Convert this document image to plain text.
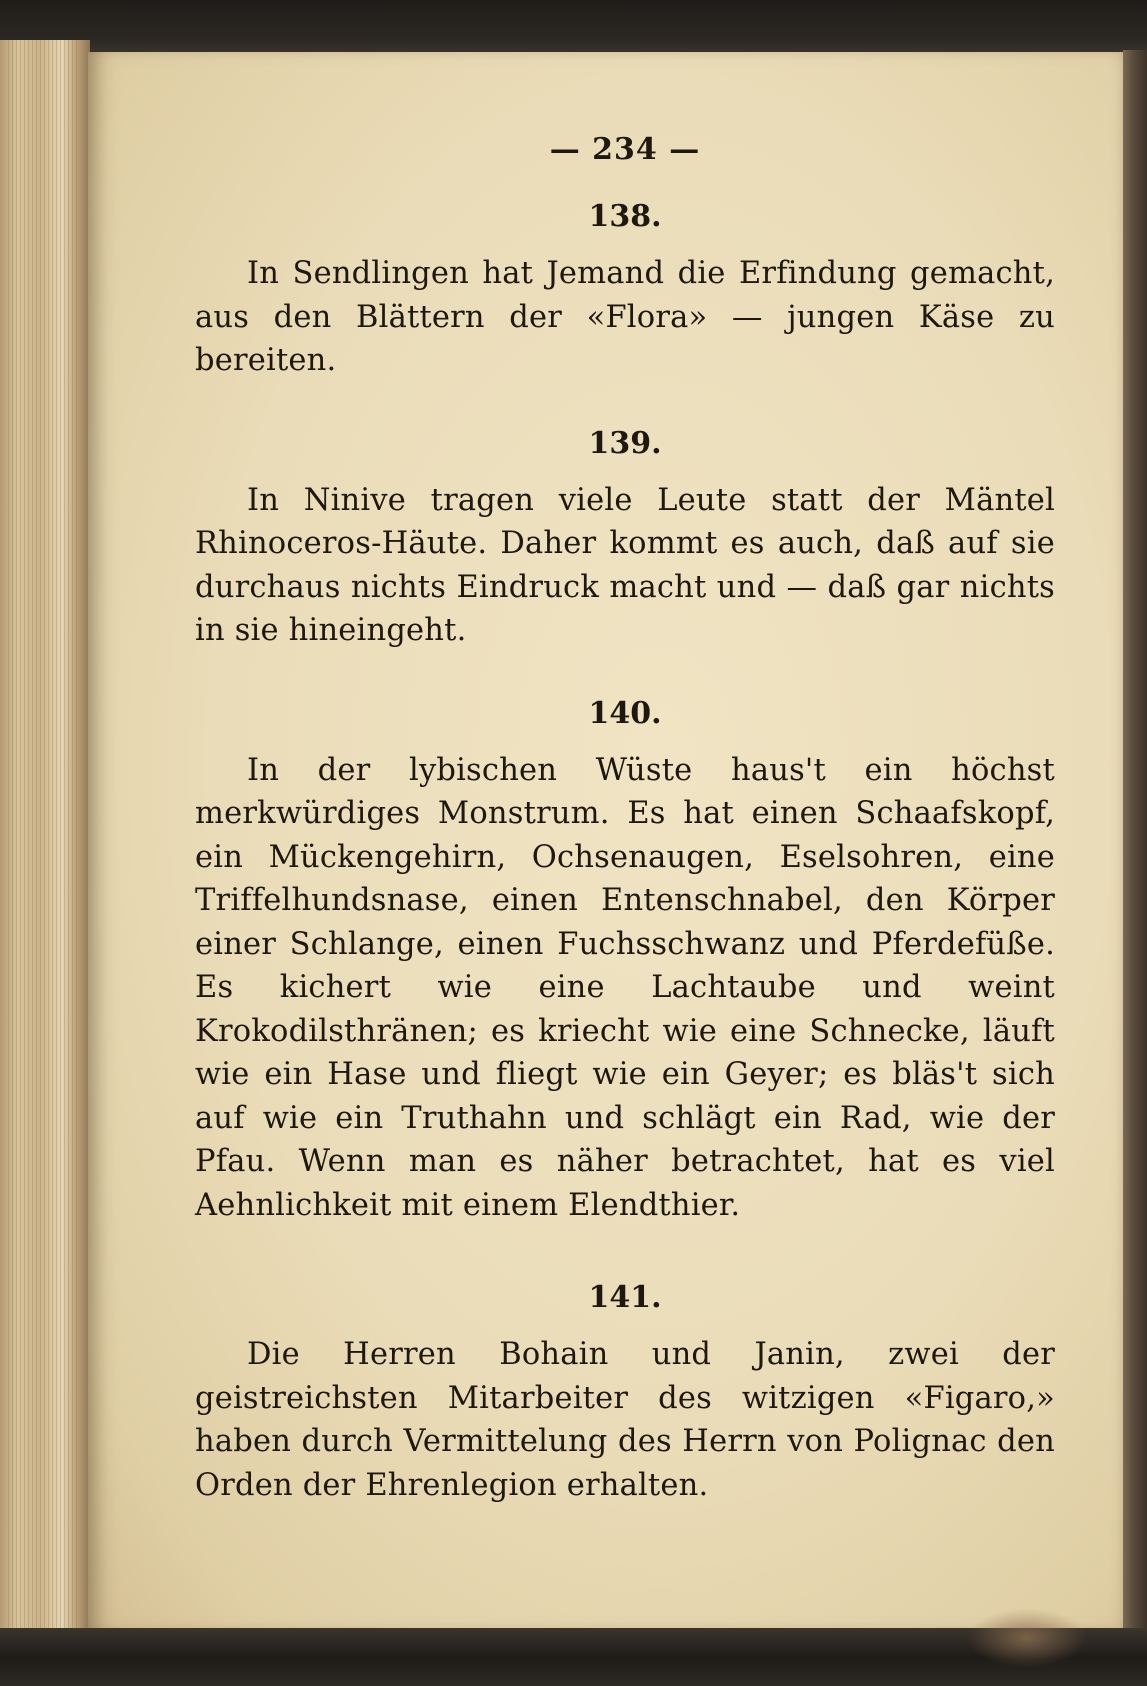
— 234 —
138.

In Sendlingen hat Jemand die Erfindung gemacht, aus den Blättern der «Flora» — jungen Käse zu bereiten.

139.

In Ninive tragen viele Leute statt der Mäntel Rhinoceros-Häute. Daher kommt es auch, daß auf sie durchaus nichts Eindruck macht und — daß gar nichts in sie hineingeht.

140.

In der lybischen Wüste haus't ein höchst merkwürdiges Monstrum. Es hat einen Schaafskopf, ein Mückengehirn, Ochsenaugen, Eselsohren, eine Triffelhundsnase, einen Entenschnabel, den Körper einer Schlange, einen Fuchsschwanz und Pferdefüße. Es kichert wie eine Lachtaube und weint Krokodilsthränen; es kriecht wie eine Schnecke, läuft wie ein Hase und fliegt wie ein Geyer; es bläs't sich auf wie ein Truthahn und schlägt ein Rad, wie der Pfau. Wenn man es näher betrachtet, hat es viel Aehnlichkeit mit einem Elendthier.

141.

Die Herren Bohain und Janin, zwei der geistreichsten Mitarbeiter des witzigen «Figaro,» haben durch Vermittelung des Herrn von Polignac den Orden der Ehrenlegion erhalten.
